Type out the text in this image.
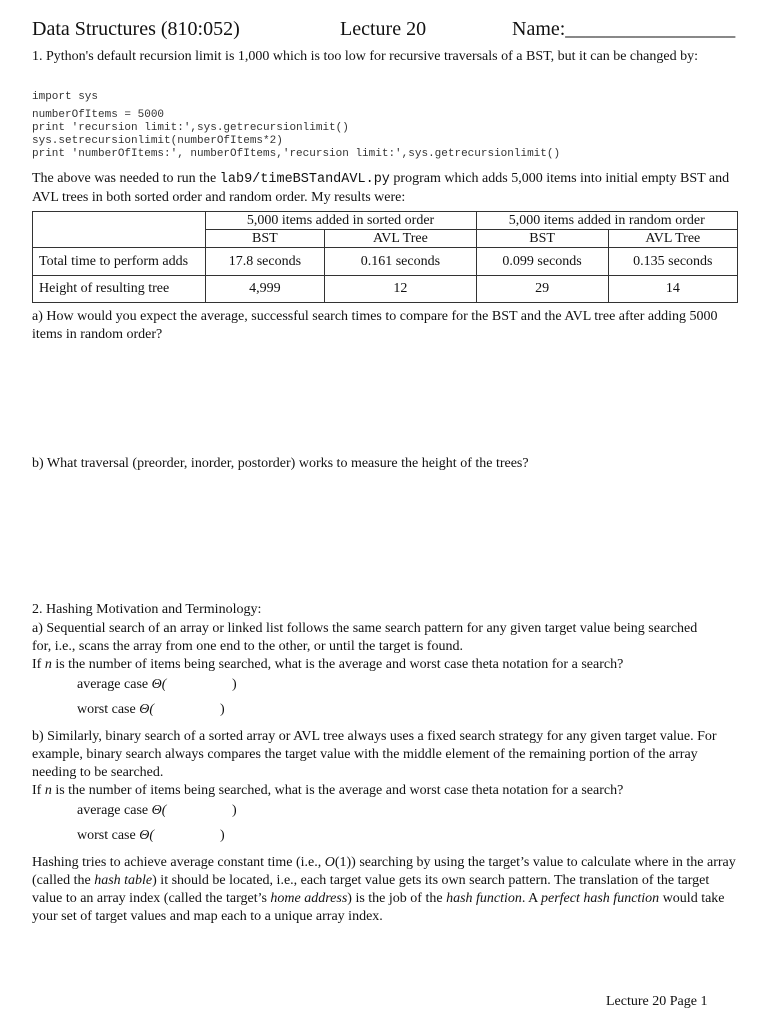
Data Structures (810:052)	Lecture 20	Name:_________________
1. Python's default recursion limit is 1,000 which is too low for recursive traversals of a BST, but it can be changed by:
import sys
numberOfItems = 5000
print 'recursion limit:',sys.getrecursionlimit()
sys.setrecursionlimit(numberOfItems*2)
print 'numberOfItems:', numberOfItems,'recursion limit:',sys.getrecursionlimit()
The above was needed to run the lab9/timeBSTandAVL.py program which adds 5,000 items into initial empty BST and AVL trees in both sorted order and random order. My results were:
	5,000 items added in sorted order		5,000 items added in random order	
	BST	AVL Tree	BST	AVL Tree
Total time to perform adds	17.8 seconds	0.161 seconds	0.099 seconds	0.135 seconds
Height of resulting tree	4,999	12	29	14
a) How would you expect the average, successful search times to compare for the BST and the AVL tree after adding 5000 items in random order?
b) What traversal (preorder, inorder, postorder) works to measure the height of the trees?
2. Hashing Motivation and Terminology:
a) Sequential search of an array or linked list follows the same search pattern for any given target value being searched for, i.e., scans the array from one end to the other, or until the target is found.
If n is the number of items being searched, what is the average and worst case theta notation for a search?
average case Θ(	)
worst case Θ(	)
b) Similarly, binary search of a sorted array or AVL tree always uses a fixed search strategy for any given target value. For example, binary search always compares the target value with the middle element of the remaining portion of the array needing to be searched.
If n is the number of items being searched, what is the average and worst case theta notation for a search?
average case Θ(	)
worst case Θ(	)
Hashing tries to achieve average constant time (i.e., O(1)) searching by using the target’s value to calculate where in the array (called the hash table) it should be located, i.e., each target value gets its own search pattern. The translation of the target value to an array index (called the target’s home address) is the job of the hash function. A perfect hash function would take your set of target values and map each to a unique array index.
Lecture 20 Page 1
